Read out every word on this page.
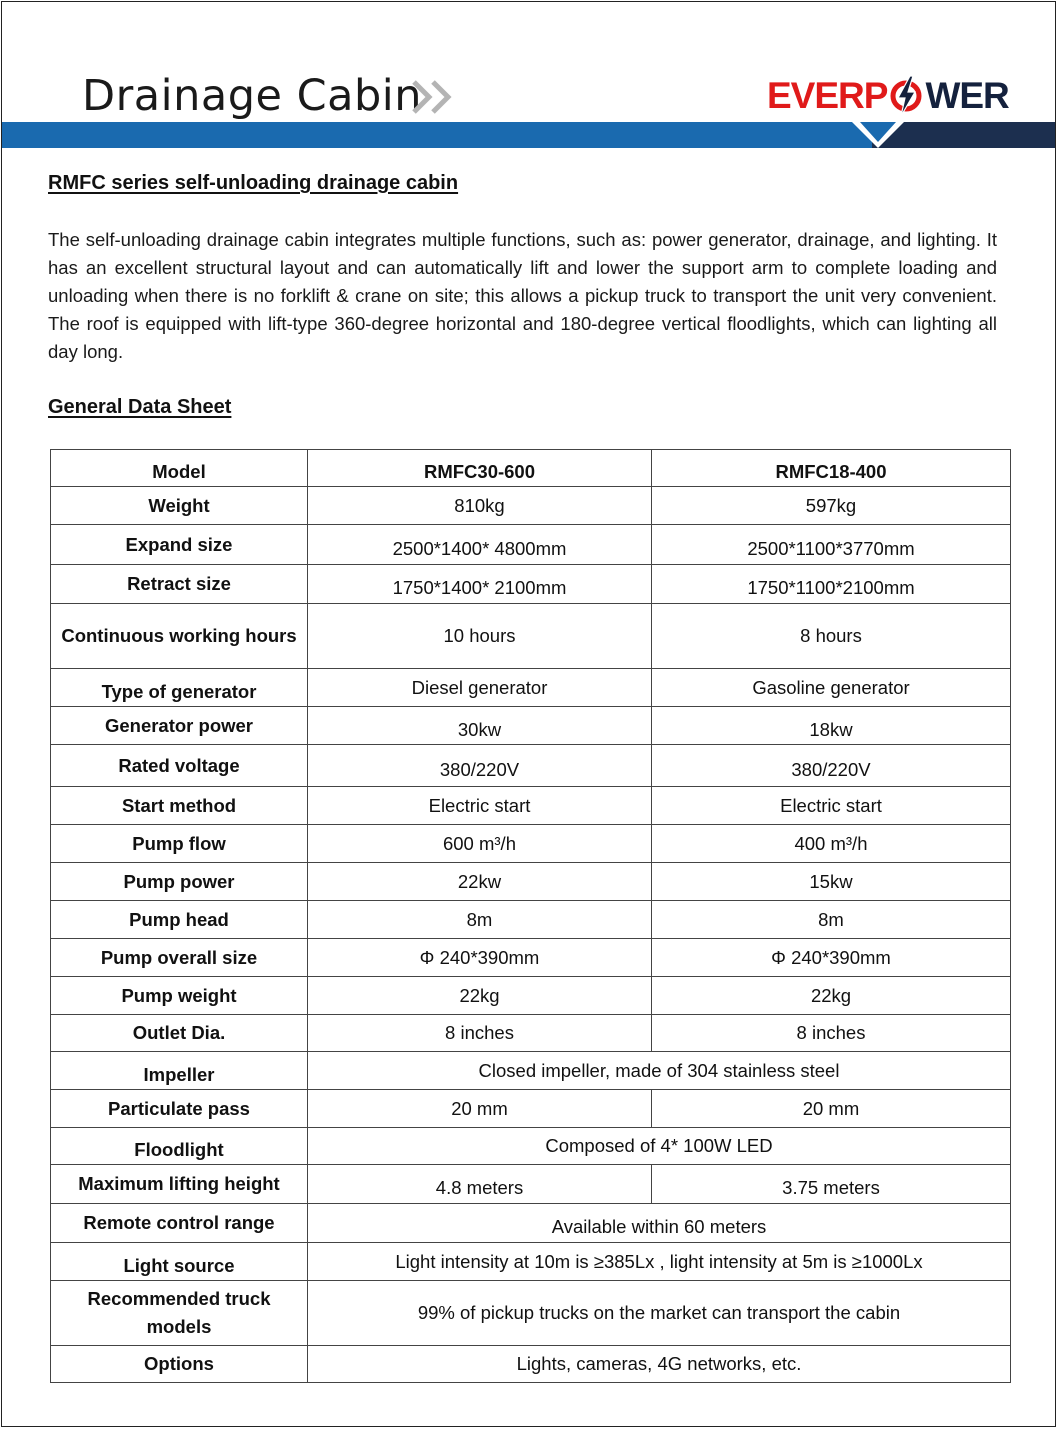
Drainage Cabin	EVERP WER
RMFC series self-unloading drainage cabin
The self-unloading drainage cabin integrates multiple functions, such as: power generator, drainage, and lighting. It has an excellent structural layout and can automatically lift and lower the support arm to complete loading and unloading when there is no forklift & crane on site; this allows a pickup truck to transport the unit very convenient. The roof is equipped with lift-type 360-degree horizontal and 180-degree vertical floodlights, which can lighting all day long.
General Data Sheet
Model	RMFC30-600	RMFC18-400
Weight	810kg	597kg
Expand size	2500*1400* 4800mm	2500*1100*3770mm
Retract size	1750*1400* 2100mm	1750*1100*2100mm
Continuous working hours	10 hours	8 hours
Type of generator	Diesel generator	Gasoline generator
Generator power	30kw	18kw
Rated voltage	380/220V	380/220V
Start method	Electric start	Electric start
Pump flow	600 m³/h	400 m³/h
Pump power	22kw	15kw
Pump head	8m	8m
Pump overall size	Φ 240*390mm	Φ 240*390mm
Pump weight	22kg	22kg
Outlet Dia.	8 inches	8 inches
Impeller	Closed impeller, made of 304 stainless steel	
Particulate pass	20 mm	20 mm
Floodlight	Composed of 4* 100W LED	
Maximum lifting height	4.8 meters	3.75 meters
Remote control range	Available within 60 meters	
Light source	Light intensity at 10m is ≥385Lx , light intensity at 5m is ≥1000Lx	
Recommended truck models	99% of pickup trucks on the market can transport the cabin	
Options	Lights, cameras, 4G networks, etc.	
